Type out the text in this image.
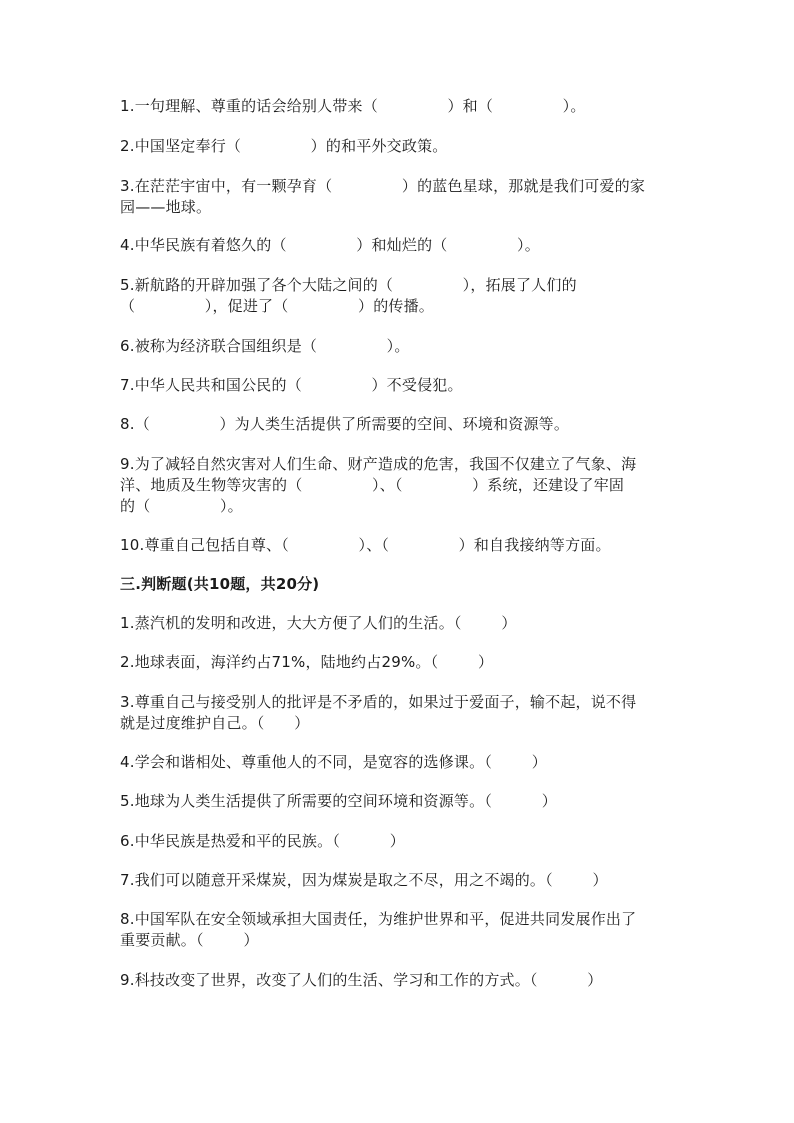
1.一句理解、尊重的话会给别人带来（              ）和（              ）。
2.中国坚定奉行（              ）的和平外交政策。
3.在茫茫宇宙中，有一颗孕育（              ）的蓝色星球，那就是我们可爱的家
园——地球。
4.中华民族有着悠久的（              ）和灿烂的（              ）。
5.新航路的开辟加强了各个大陆之间的（              ），拓展了人们的
（              ），促进了（              ）的传播。
6.被称为经济联合国组织是（              ）。
7.中华人民共和国公民的（              ）不受侵犯。
8.（              ）为人类生活提供了所需要的空间、环境和资源等。
9.为了减轻自然灾害对人们生命、财产造成的危害，我国不仅建立了气象、海
洋、地质及生物等灾害的（              ）、（              ）系统，还建设了牢固
的（              ）。
10.尊重自己包括自尊、（              ）、（              ）和自我接纳等方面。
三.判断题(共10题，共20分)
1.蒸汽机的发明和改进，大大方便了人们的生活。（        ）
2.地球表面，海洋约占71%，陆地约占29%。（        ）
3.尊重自己与接受别人的批评是不矛盾的，如果过于爱面子，输不起，说不得
就是过度维护自己。（      ）
4.学会和谐相处、尊重他人的不同，是宽容的选修课。（        ）
5.地球为人类生活提供了所需要的空间环境和资源等。（          ）
6.中华民族是热爱和平的民族。（          ）
7.我们可以随意开采煤炭，因为煤炭是取之不尽，用之不竭的。（        ）
8.中国军队在安全领域承担大国责任，为维护世界和平，促进共同发展作出了
重要贡献。（        ）
9.科技改变了世界，改变了人们的生活、学习和工作的方式。（          ）
